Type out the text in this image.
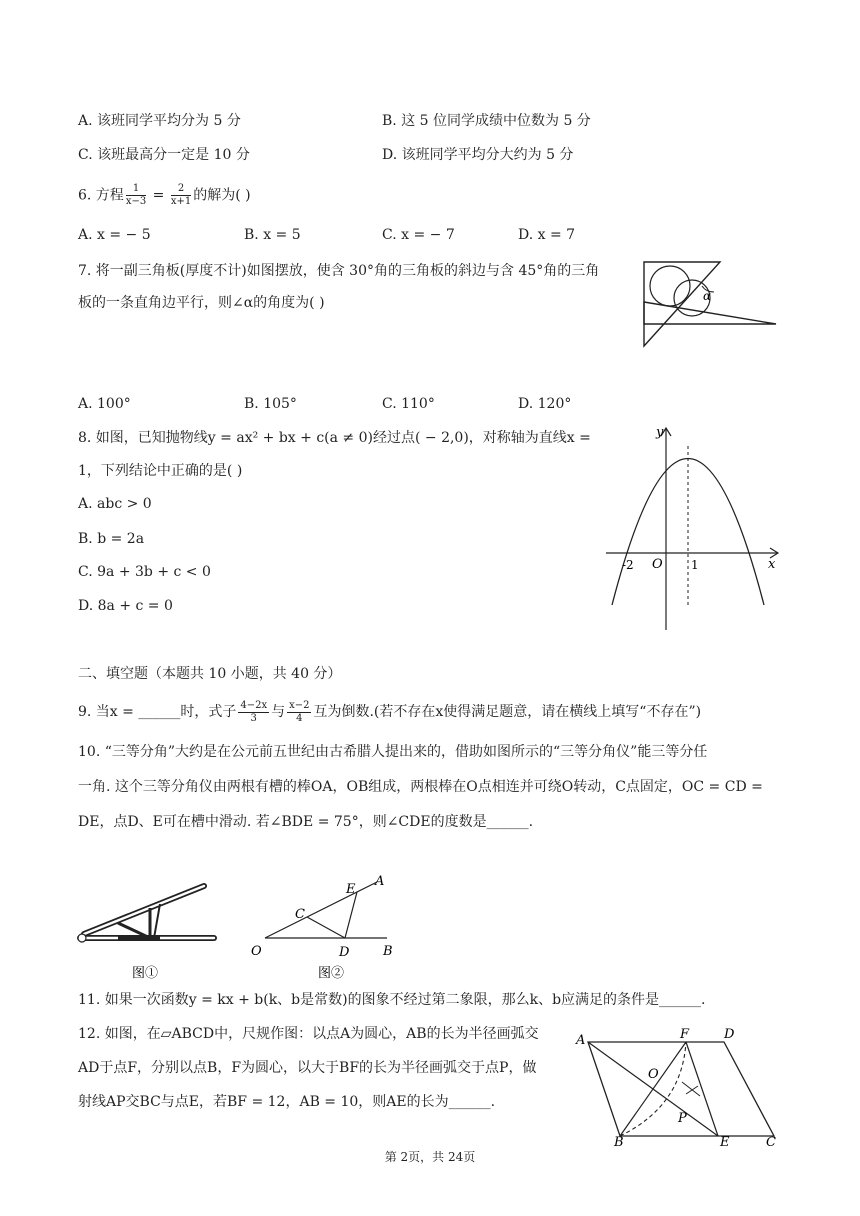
A. 该班同学平均分为 5 分	B. 这 5 位同学成绩中位数为 5 分
C. 该班最高分一定是 10 分	D. 该班同学平均分大约为 5 分
6. 方程 $\frac{1}{x-3} = \frac{2}{x+1}$ 的解为( )
A. x = − 5	B. x = 5	C. x = − 7	D. x = 7
7. 将一副三角板(厚度不计)如图摆放，使含 30°角的三角板的斜边与含 45°角的三角
板的一条直角边平行，则∠α的角度为( )	α
A. 100°	B. 105°	C. 110°	D. 120°
8. 如图，已知抛物线y = ax² + bx + c(a ≠ 0)经过点( − 2,0)，对称轴为直线x =
1，下列结论中正确的是( )
A. abc > 0
B. b = 2a
C. 9a + 3b + c < 0
D. 8a + c = 0
y
x
O
-2	1
二、填空题（本题共 10 小题，共 40 分）
9. 当x = ______时，式子 $\frac{4-2x}{3}$ 与 $\frac{x-2}{4}$ 互为倒数.(若不存在x使得满足题意，请在横线上填写“不存在”)
10. “三等分角”大约是在公元前五世纪由古希腊人提出来的，借助如图所示的“三等分角仪”能三等分任
一角. 这个三等分角仪由两根有槽的棒OA，OB组成，两根棒在O点相连并可绕O转动，C点固定，OC = CD =
DE，点D、E可在槽中滑动. 若∠BDE = 75°，则∠CDE的度数是______.
图①
O
C
D
E
A
B
图②
11. 如果一次函数y = kx + b(k、b是常数)的图象不经过第二象限，那么k、b应满足的条件是______.
12. 如图，在▱ABCD中，尺规作图：以点A为圆心，AB的长为半径画弧交
AD于点F，分别以点B，F为圆心，以大于BF的长为半径画弧交于点P，做
射线AP交BC与点E，若BF = 12，AB = 10，则AE的长为______.
A	F	D
O
P
B	E	C
第 2页，共 24页
